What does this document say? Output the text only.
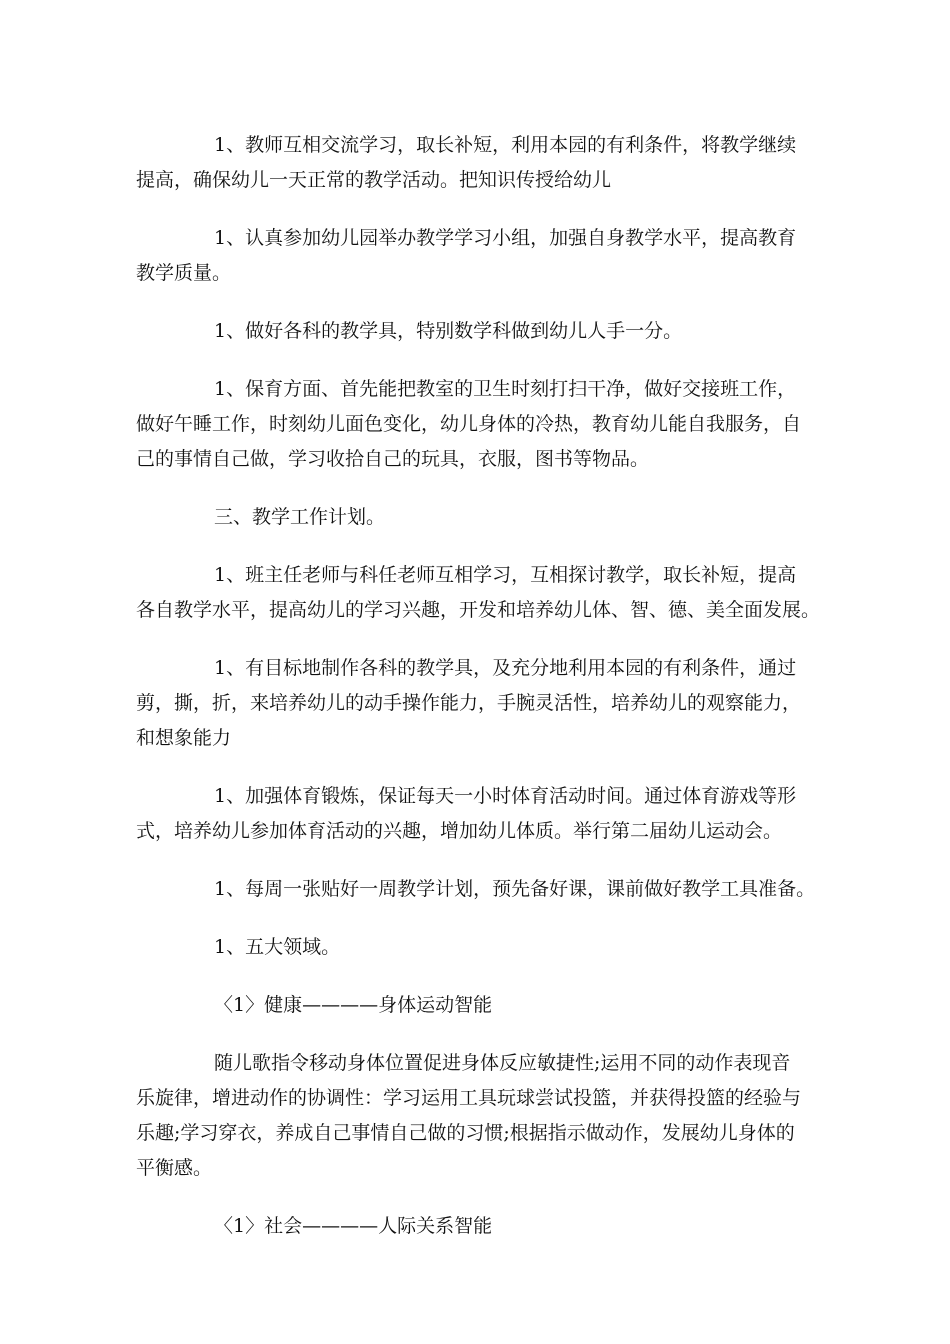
1、教师互相交流学习，取长补短，利用本园的有利条件，将教学继续
提高，确保幼儿一天正常的教学活动。把知识传授给幼儿
1、认真参加幼儿园举办教学学习小组，加强自身教学水平，提高教育
教学质量。
1、做好各科的教学具，特别数学科做到幼儿人手一分。
1、保育方面、首先能把教室的卫生时刻打扫干净，做好交接班工作，
做好午睡工作，时刻幼儿面色变化，幼儿身体的冷热，教育幼儿能自我服务，自
己的事情自己做，学习收拾自己的玩具，衣服，图书等物品。
三、教学工作计划。
1、班主任老师与科任老师互相学习，互相探讨教学，取长补短，提高
各自教学水平，提高幼儿的学习兴趣，开发和培养幼儿体、智、德、美全面发展。
1、有目标地制作各科的教学具，及充分地利用本园的有利条件，通过
剪，撕，折，来培养幼儿的动手操作能力，手腕灵活性，培养幼儿的观察能力，
和想象能力
1、加强体育锻炼，保证每天一小时体育活动时间。通过体育游戏等形
式，培养幼儿参加体育活动的兴趣，增加幼儿体质。举行第二届幼儿运动会。
1、每周一张贴好一周教学计划，预先备好课，课前做好教学工具准备。
1、五大领域。
〈1〉健康————身体运动智能
随儿歌指令移动身体位置促进身体反应敏捷性;运用不同的动作表现音
乐旋律，增进动作的协调性：学习运用工具玩球尝试投篮，并获得投篮的经验与
乐趣;学习穿衣，养成自己事情自己做的习惯;根据指示做动作，发展幼儿身体的
平衡感。
〈1〉社会————人际关系智能
